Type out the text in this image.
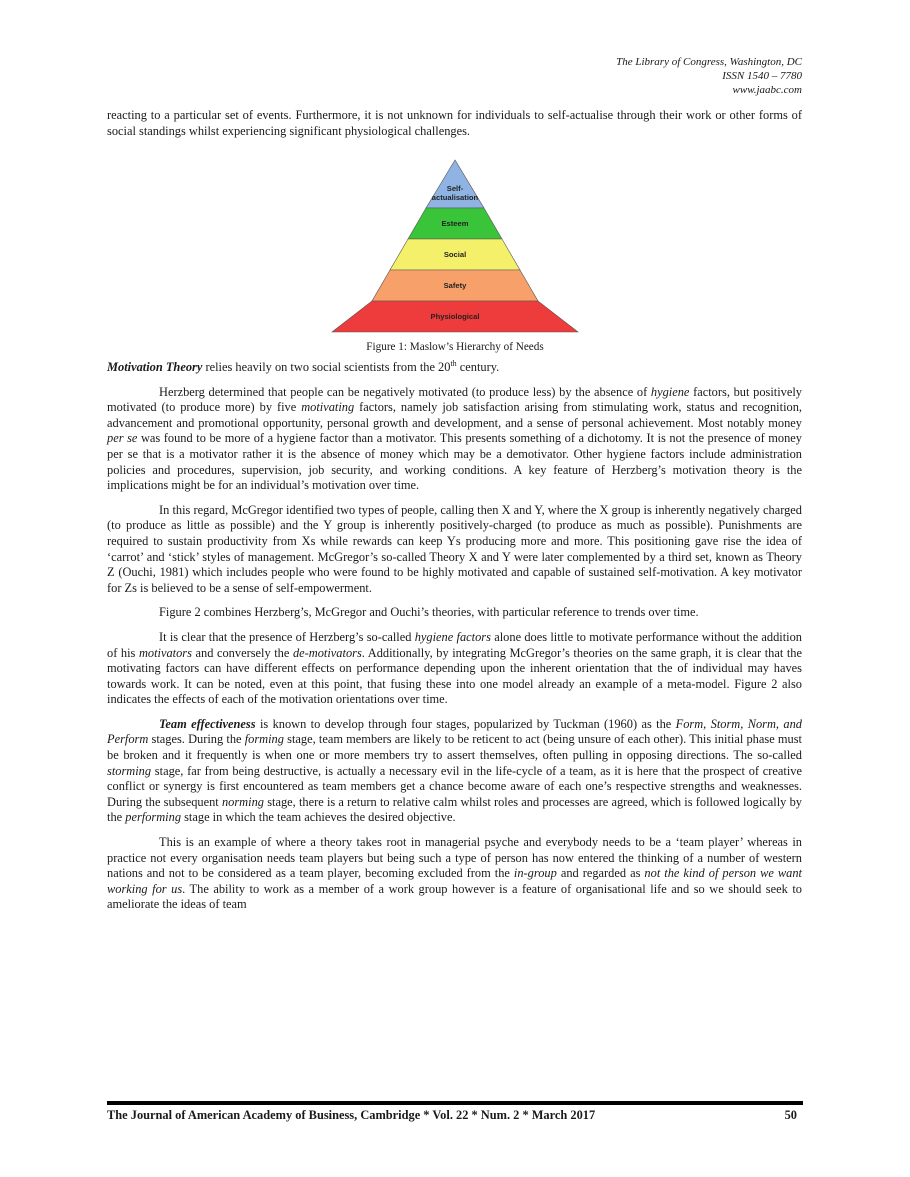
The Library of Congress, Washington, DC
ISSN 1540 – 7780
www.jaabc.com

reacting to a particular set of events. Furthermore, it is not unknown for individuals to self-actualise through their work or other forms of social standings whilst experiencing significant physiological challenges.

Self-
actualisation
Esteem
Social
Safety
Physiological
Figure 1: Maslow’s Hierarchy of Needs

Motivation Theory relies heavily on two social scientists from the 20th century.

Herzberg determined that people can be negatively motivated (to produce less) by the absence of hygiene factors, but positively motivated (to produce more) by five motivating factors, namely job satisfaction arising from stimulating work, status and recognition, advancement and promotional opportunity, personal growth and development, and a sense of personal achievement. Most notably money per se was found to be more of a hygiene factor than a motivator. This presents something of a dichotomy. It is not the presence of money per se that is a motivator rather it is the absence of money which may be a demotivator. Other hygiene factors include administration policies and procedures, supervision, job security, and working conditions. A key feature of Herzberg’s motivation theory is the implications might be for an individual’s motivation over time.

In this regard, McGregor identified two types of people, calling then X and Y, where the X group is inherently negatively charged (to produce as little as possible) and the Y group is inherently positively-charged (to produce as much as possible). Punishments are required to sustain productivity from Xs while rewards can keep Ys producing more and more. This positioning gave rise the idea of ‘carrot’ and ‘stick’ styles of management. McGregor’s so-called Theory X and Y were later complemented by a third set, known as Theory Z (Ouchi, 1981) which includes people who were found to be highly motivated and capable of sustained self-motivation. A key motivator for Zs is believed to be a sense of self-empowerment.

Figure 2 combines Herzberg’s, McGregor and Ouchi’s theories, with particular reference to trends over time.

It is clear that the presence of Herzberg’s so-called hygiene factors alone does little to motivate performance without the addition of his motivators and conversely the de-motivators. Additionally, by integrating McGregor’s theories on the same graph, it is clear that the motivating factors can have different effects on performance depending upon the inherent orientation that the of individual may haves towards work. It can be noted, even at this point, that fusing these into one model already an example of a meta-model. Figure 2 also indicates the effects of each of the motivation orientations over time.

Team effectiveness is known to develop through four stages, popularized by Tuckman (1960) as the Form, Storm, Norm, and Perform stages. During the forming stage, team members are likely to be reticent to act (being unsure of each other). This initial phase must be broken and it frequently is when one or more members try to assert themselves, often pulling in opposing directions. The so-called storming stage, far from being destructive, is actually a necessary evil in the life-cycle of a team, as it is here that the prospect of creative conflict or synergy is first encountered as team members get a chance become aware of each one’s respective strengths and weaknesses. During the subsequent norming stage, there is a return to relative calm whilst roles and processes are agreed, which is followed logically by the performing stage in which the team achieves the desired objective.

This is an example of where a theory takes root in managerial psyche and everybody needs to be a ‘team player’ whereas in practice not every organisation needs team players but being such a type of person has now entered the thinking of a number of western nations and not to be considered as a team player, becoming excluded from the in-group and regarded as not the kind of person we want working for us. The ability to work as a member of a work group however is a feature of organisational life and so we should seek to ameliorate the ideas of team

The Journal of American Academy of Business, Cambridge * Vol. 22 * Num. 2 * March 2017	50
